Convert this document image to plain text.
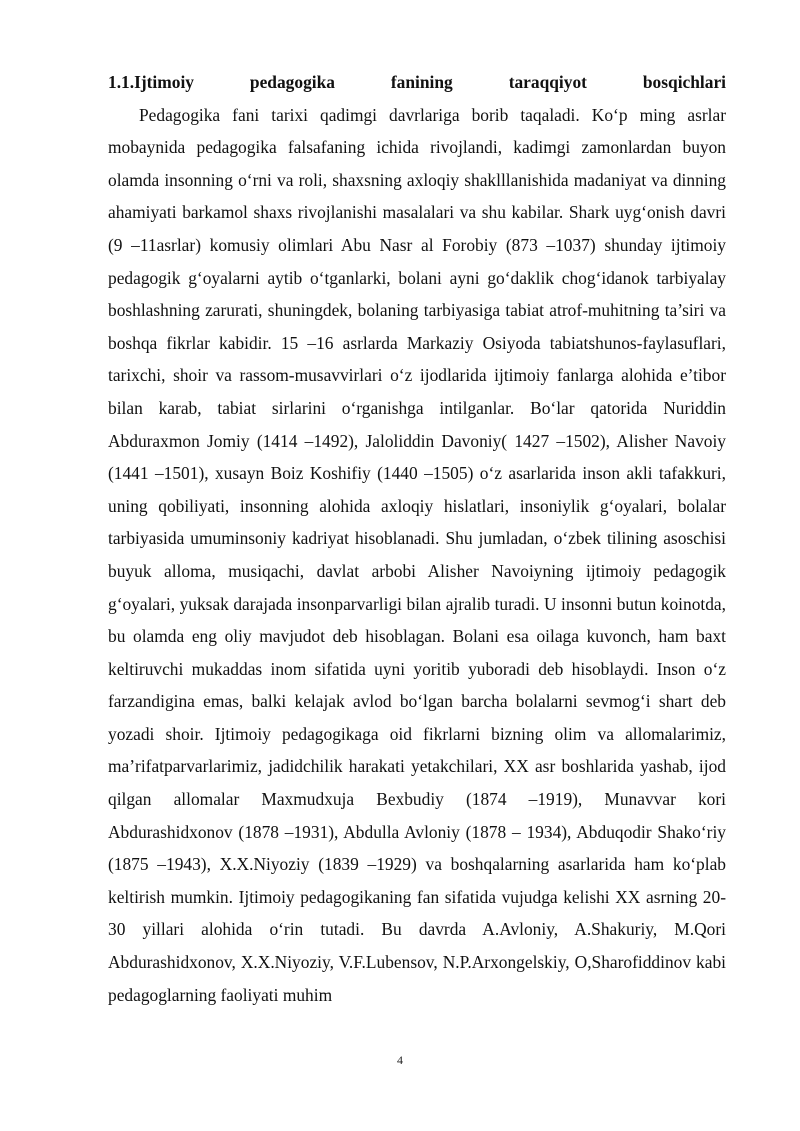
1.1.Ijtimoiy pedagogika fanining taraqqiyot bosqichlari

Pedagogika fani tarixi qadimgi davrlariga borib taqaladi. Ko‘p ming asrlar mobaynida pedagogika falsafaning ichida rivojlandi, kadimgi zamonlardan buyon olamda insonning o‘rni va roli, shaxsning axloqiy shaklllanishida madaniyat va dinning ahamiyati barkamol shaxs rivojlanishi masalalari va shu kabilar. Shark uyg‘onish davri (9 –11asrlar) komusiy olimlari Abu Nasr al Forobiy (873 –1037) shunday ijtimoiy pedagogik g‘oyalarni aytib o‘tganlarki, bolani ayni go‘daklik chog‘idanok tarbiyalay boshlashning zarurati, shuningdek, bolaning tarbiyasiga tabiat atrof-muhitning ta’siri va boshqa fikrlar kabidir. 15 –16 asrlarda Markaziy Osiyoda tabiatshunos-faylasuflari, tarixchi, shoir va rassom-musavvirlari o‘z ijodlarida ijtimoiy fanlarga alohida e’tibor bilan karab, tabiat sirlarini o‘rganishga intilganlar. Bo‘lar qatorida Nuriddin Abduraxmon Jomiy (1414 –1492), Jaloliddin Davoniy( 1427 –1502), Alisher Navoiy (1441 –1501), xusayn Boiz Koshifiy (1440 –1505) o‘z asarlarida inson akli tafakkuri, uning qobiliyati, insonning alohida axloqiy hislatlari, insoniylik g‘oyalari, bolalar tarbiyasida umuminsoniy kadriyat hisoblanadi. Shu jumladan, o‘zbek tilining asoschisi buyuk alloma, musiqachi, davlat arbobi Alisher Navoiyning ijtimoiy pedagogik g‘oyalari, yuksak darajada insonparvarligi bilan ajralib turadi. U insonni butun koinotda, bu olamda eng oliy mavjudot deb hisoblagan. Bolani esa oilaga kuvonch, ham baxt keltiruvchi mukaddas inom sifatida uyni yoritib yuboradi deb hisoblaydi. Inson o‘z farzandigina emas, balki kelajak avlod bo‘lgan barcha bolalarni sevmog‘i shart deb yozadi shoir. Ijtimoiy pedagogikaga oid fikrlarni bizning olim va allomalarimiz, ma’rifatparvarlarimiz, jadidchilik harakati yetakchilari, XX asr boshlarida yashab, ijod qilgan allomalar Maxmudxuja Bexbudiy (1874 –1919), Munavvar kori Abdurashidxonov (1878 –1931), Abdulla Avloniy (1878 – 1934), Abduqodir Shako‘riy (1875 –1943), X.X.Niyoziy (1839 –1929) va boshqalarning asarlarida ham ko‘plab keltirish mumkin. Ijtimoiy pedagogikaning fan sifatida vujudga kelishi XX asrning 20-30 yillari alohida o‘rin tutadi. Bu davrda A.Avloniy, A.Shakuriy, M.Qori Abdurashidxonov, X.X.Niyoziy, V.F.Lubensov, N.P.Arxongelskiy, O,Sharofiddinov kabi pedagoglarning faoliyati muhim

4
